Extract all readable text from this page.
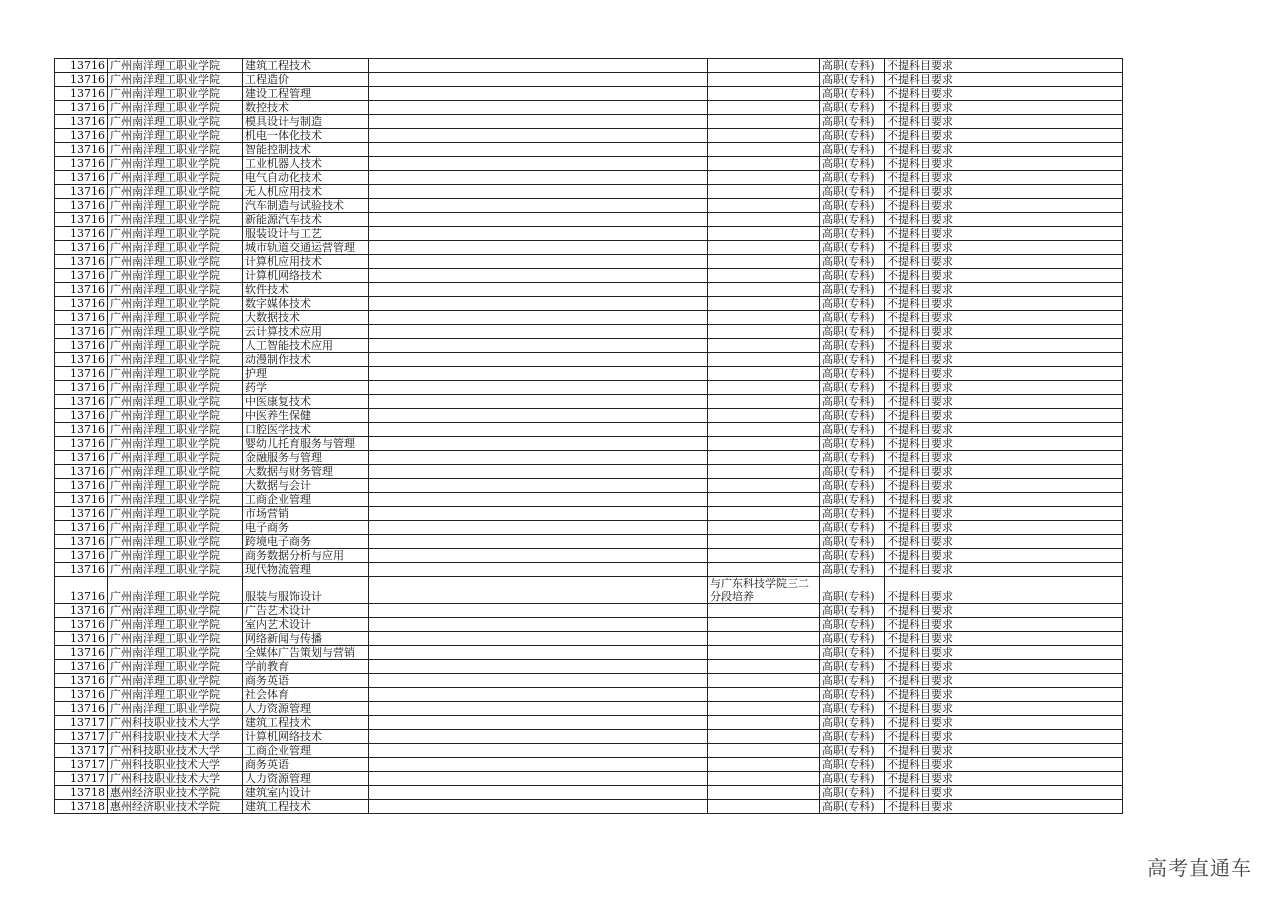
13716	广州南洋理工职业学院	建筑工程技术			高职(专科)	不提科目要求
13716	广州南洋理工职业学院	工程造价			高职(专科)	不提科目要求
13716	广州南洋理工职业学院	建设工程管理			高职(专科)	不提科目要求
13716	广州南洋理工职业学院	数控技术			高职(专科)	不提科目要求
13716	广州南洋理工职业学院	模具设计与制造			高职(专科)	不提科目要求
13716	广州南洋理工职业学院	机电一体化技术			高职(专科)	不提科目要求
13716	广州南洋理工职业学院	智能控制技术			高职(专科)	不提科目要求
13716	广州南洋理工职业学院	工业机器人技术			高职(专科)	不提科目要求
13716	广州南洋理工职业学院	电气自动化技术			高职(专科)	不提科目要求
13716	广州南洋理工职业学院	无人机应用技术			高职(专科)	不提科目要求
13716	广州南洋理工职业学院	汽车制造与试验技术			高职(专科)	不提科目要求
13716	广州南洋理工职业学院	新能源汽车技术			高职(专科)	不提科目要求
13716	广州南洋理工职业学院	服装设计与工艺			高职(专科)	不提科目要求
13716	广州南洋理工职业学院	城市轨道交通运营管理			高职(专科)	不提科目要求
13716	广州南洋理工职业学院	计算机应用技术			高职(专科)	不提科目要求
13716	广州南洋理工职业学院	计算机网络技术			高职(专科)	不提科目要求
13716	广州南洋理工职业学院	软件技术			高职(专科)	不提科目要求
13716	广州南洋理工职业学院	数字媒体技术			高职(专科)	不提科目要求
13716	广州南洋理工职业学院	大数据技术			高职(专科)	不提科目要求
13716	广州南洋理工职业学院	云计算技术应用			高职(专科)	不提科目要求
13716	广州南洋理工职业学院	人工智能技术应用			高职(专科)	不提科目要求
13716	广州南洋理工职业学院	动漫制作技术			高职(专科)	不提科目要求
13716	广州南洋理工职业学院	护理			高职(专科)	不提科目要求
13716	广州南洋理工职业学院	药学			高职(专科)	不提科目要求
13716	广州南洋理工职业学院	中医康复技术			高职(专科)	不提科目要求
13716	广州南洋理工职业学院	中医养生保健			高职(专科)	不提科目要求
13716	广州南洋理工职业学院	口腔医学技术			高职(专科)	不提科目要求
13716	广州南洋理工职业学院	婴幼儿托育服务与管理			高职(专科)	不提科目要求
13716	广州南洋理工职业学院	金融服务与管理			高职(专科)	不提科目要求
13716	广州南洋理工职业学院	大数据与财务管理			高职(专科)	不提科目要求
13716	广州南洋理工职业学院	大数据与会计			高职(专科)	不提科目要求
13716	广州南洋理工职业学院	工商企业管理			高职(专科)	不提科目要求
13716	广州南洋理工职业学院	市场营销			高职(专科)	不提科目要求
13716	广州南洋理工职业学院	电子商务			高职(专科)	不提科目要求
13716	广州南洋理工职业学院	跨境电子商务			高职(专科)	不提科目要求
13716	广州南洋理工职业学院	商务数据分析与应用			高职(专科)	不提科目要求
13716	广州南洋理工职业学院	现代物流管理			高职(专科)	不提科目要求
13716	广州南洋理工职业学院	服装与服饰设计		与广东科技学院三二分段培养	高职(专科)	不提科目要求
13716	广州南洋理工职业学院	广告艺术设计			高职(专科)	不提科目要求
13716	广州南洋理工职业学院	室内艺术设计			高职(专科)	不提科目要求
13716	广州南洋理工职业学院	网络新闻与传播			高职(专科)	不提科目要求
13716	广州南洋理工职业学院	全媒体广告策划与营销			高职(专科)	不提科目要求
13716	广州南洋理工职业学院	学前教育			高职(专科)	不提科目要求
13716	广州南洋理工职业学院	商务英语			高职(专科)	不提科目要求
13716	广州南洋理工职业学院	社会体育			高职(专科)	不提科目要求
13716	广州南洋理工职业学院	人力资源管理			高职(专科)	不提科目要求
13717	广州科技职业技术大学	建筑工程技术			高职(专科)	不提科目要求
13717	广州科技职业技术大学	计算机网络技术			高职(专科)	不提科目要求
13717	广州科技职业技术大学	工商企业管理			高职(专科)	不提科目要求
13717	广州科技职业技术大学	商务英语			高职(专科)	不提科目要求
13717	广州科技职业技术大学	人力资源管理			高职(专科)	不提科目要求
13718	惠州经济职业技术学院	建筑室内设计			高职(专科)	不提科目要求
13718	惠州经济职业技术学院	建筑工程技术			高职(专科)	不提科目要求
高考直通车
